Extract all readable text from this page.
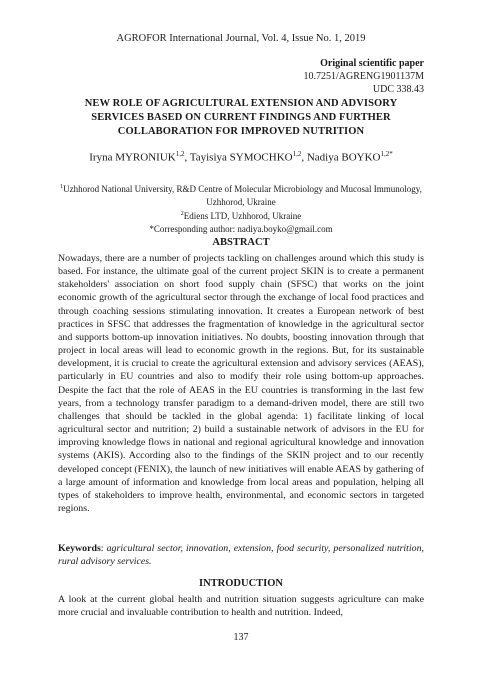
AGROFOR International Journal, Vol. 4, Issue No. 1, 2019
Original scientific paper
10.7251/AGRENG1901137M
UDC 338.43
NEW ROLE OF AGRICULTURAL EXTENSION AND ADVISORY SERVICES BASED ON CURRENT FINDINGS AND FURTHER COLLABORATION FOR IMPROVED NUTRITION
Iryna MYRONIUK$^{1,2}$, Tayisiya SYMOCHKO$^{1,2}$, Nadiya $BOYKO^{1,2*}$
$^1$Uzhhorod National University, R&D Centre of Molecular Microbiology and Mucosal Immunology, Uzhhorod, Ukraine
$^2$Ediens LTD, Uzhhorod, Ukraine
*Corresponding author: nadiya.boyko@gmail.com
ABSTRACT
Nowadays, there are a number of projects tackling on challenges around which this study is based. For instance, the ultimate goal of the current project SKIN is to create a permanent stakeholders' association on short food supply chain (SFSC) that works on the joint economic growth of the agricultural sector through the exchange of local food practices and through coaching sessions stimulating innovation. It creates a European network of best practices in SFSC that addresses the fragmentation of knowledge in the agricultural sector and supports bottom-up innovation initiatives. No doubts, boosting innovation through that project in local areas will lead to economic growth in the regions. But, for its sustainable development, it is crucial to create the agricultural extension and advisory services (AEAS), particularly in EU countries and also to modify their role using bottom-up approaches. Despite the fact that the role of AEAS in the EU countries is transforming in the last few years, from a technology transfer paradigm to a demand-driven model, there are still two challenges that should be tackled in the global agenda: 1) facilitate linking of local agricultural sector and nutrition; 2) build a sustainable network of advisors in the EU for improving knowledge flows in national and regional agricultural knowledge and innovation systems (AKIS). According also to the findings of the SKIN project and to our recently developed concept (FENIX), the launch of new initiatives will enable AEAS by gathering of a large amount of information and knowledge from local areas and population, helping all types of stakeholders to improve health, environmental, and economic sectors in targeted regions.
Keywords: agricultural sector, innovation, extension, food security, personalized nutrition, rural advisory services.
INTRODUCTION
A look at the current global health and nutrition situation suggests agriculture can make more crucial and invaluable contribution to health and nutrition. Indeed,
137
